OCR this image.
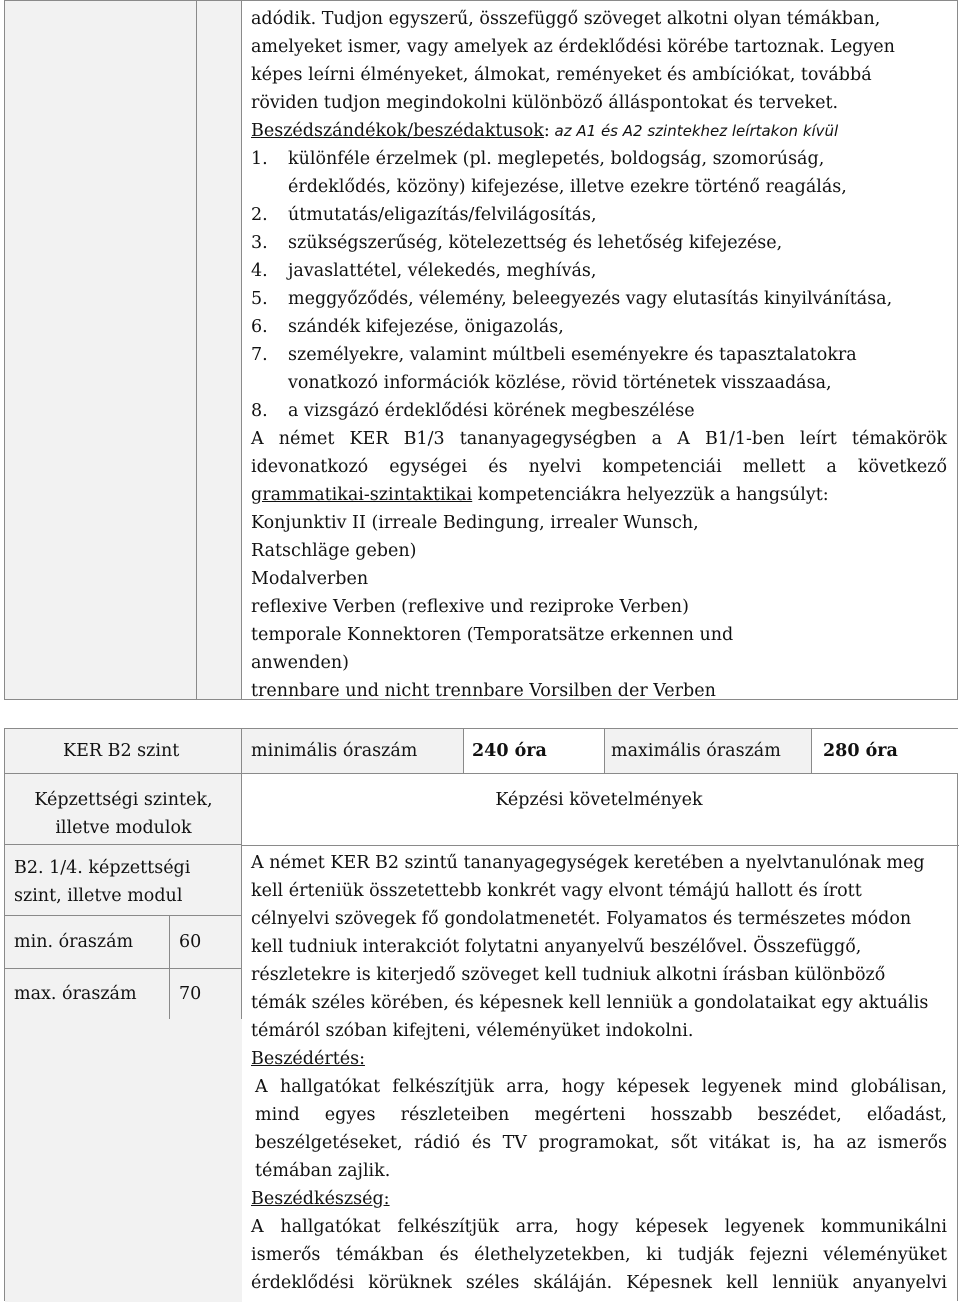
adódik. Tudjon egyszerű, összefüggő szöveget alkotni olyan témákban,
amelyeket ismer, vagy amelyek az érdeklődési körébe tartoznak. Legyen
képes leírni élményeket, álmokat, reményeket és ambíciókat, továbbá
röviden tudjon megindokolni különböző álláspontokat és terveket.
Beszédszándékok/beszédaktusok: az A1 és A2 szintekhez leírtakon kívül
1. különféle érzelmek (pl. meglepetés, boldogság, szomorúság,
érdeklődés, közöny) kifejezése, illetve ezekre történő reagálás,
2. útmutatás/eligazítás/felvilágosítás,
3. szükségszerűség, kötelezettség és lehetőség kifejezése,
4. javaslattétel, vélekedés, meghívás,
5. meggyőződés, vélemény, beleegyezés vagy elutasítás kinyilvánítása,
6. szándék kifejezése, önigazolás,
7. személyekre, valamint múltbeli eseményekre és tapasztalatokra
vonatkozó információk közlése, rövid történetek visszaadása,
8. a vizsgázó érdeklődési körének megbeszélése
A német KER B1/3 tananyagegységben a A B1/1-ben leírt témakörök
idevonatkozó egységei és nyelvi kompetenciái mellett a következő
grammatikai-szintaktikai kompetenciákra helyezzük a hangsúlyt:
Konjunktiv II (irreale Bedingung, irrealer Wunsch,
Ratschläge geben)
Modalverben
reflexive Verben (reflexive und reziproke Verben)
temporale Konnektoren (Temporatsätze erkennen und
anwenden)
trennbare und nicht trennbare Vorsilben der Verben
KER B2 szint	minimális óraszám	240 óra	maximális óraszám	280 óra
Képzettségi szintek,
illetve modulok
B2. 1/4. képzettségi
szint, illetve modul
min. óraszám	60
max. óraszám 70
Képzési követelmények
A német KER B2 szintű tananyagegységek keretében a nyelvtanulónak meg
kell érteniük összetettebb konkrét vagy elvont témájú hallott és írott
célnyelvi szövegek fő gondolatmenetét. Folyamatos és természetes módon
kell tudniuk interakciót folytatni anyanyelvű beszélővel. Összefüggő,
részletekre is kiterjedő szöveget kell tudniuk alkotni írásban különböző
témák széles körében, és képesnek kell lenniük a gondolataikat egy aktuális
témáról szóban kifejteni, véleményüket indokolni.
Beszédértés:
A hallgatókat felkészítjük arra, hogy képesek legyenek mind globálisan,
mind egyes részleteiben megérteni hosszabb beszédet, előadást,
beszélgetéseket, rádió és TV programokat, sőt vitákat is, ha az ismerős
témában zajlik.
Beszédkészség:
A hallgatókat felkészítjük arra, hogy képesek legyenek kommunikálni
ismerős témákban és élethelyzetekben, ki tudják fejezni véleményüket
érdeklődési körüknek széles skáláján. Képesnek kell lenniük anyanyelvi
